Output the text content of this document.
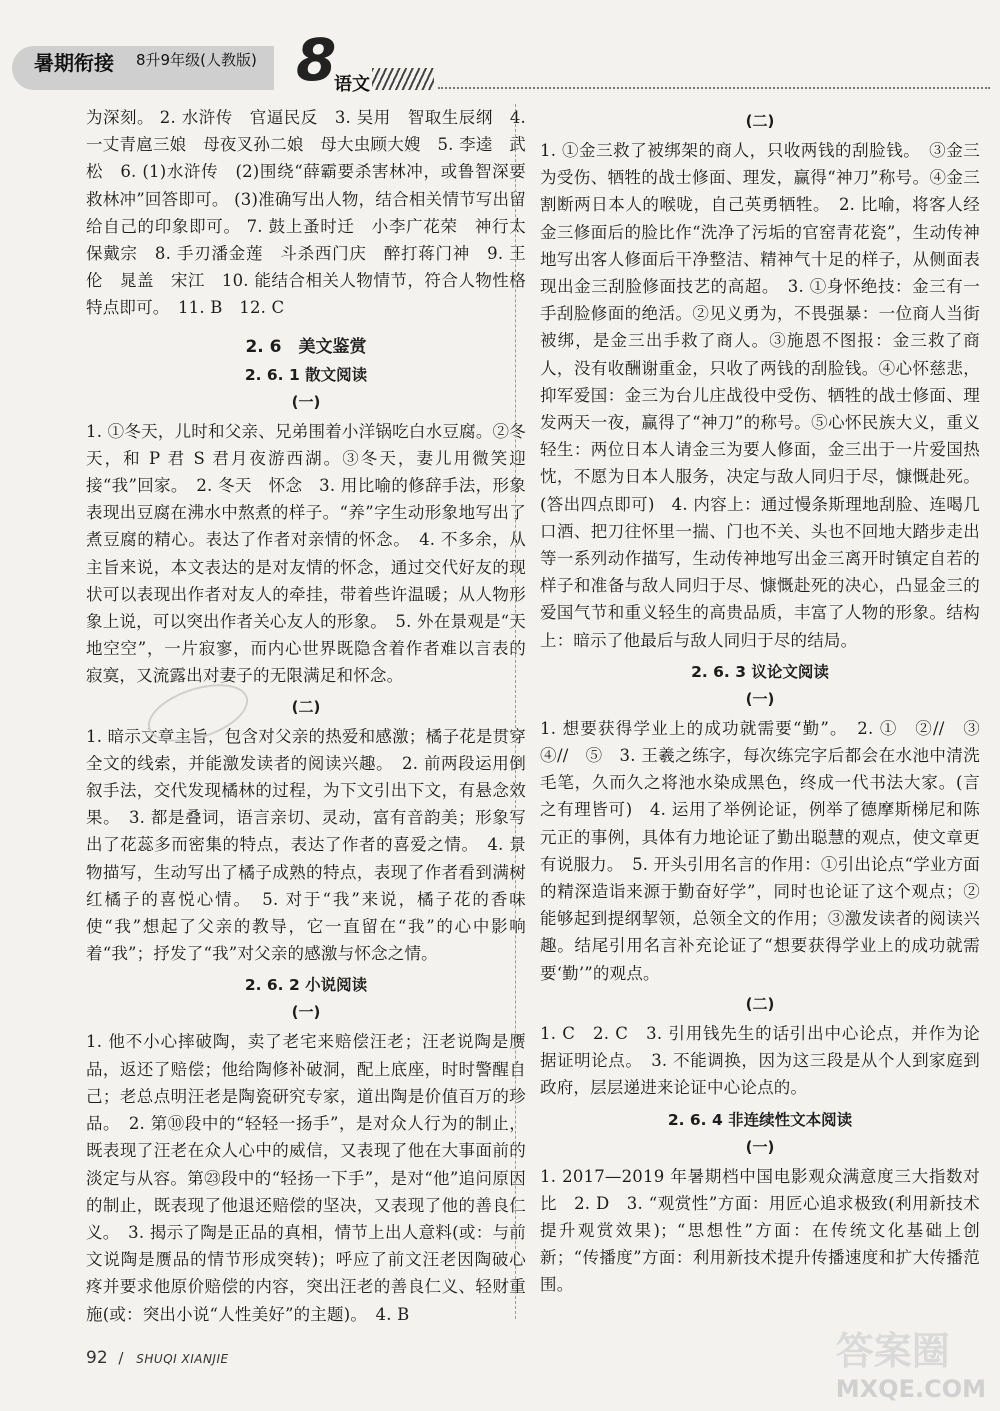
暑期衔接 8升9年级(人教版) 8
语文
为深刻。 2. 水浒传　官逼民反　3. 吴用　智取生辰纲　4. 一丈青扈三娘　母夜叉孙二娘　母大虫顾大嫂　5. 李逵　武松　6. (1)水浒传　(2)围绕“薛霸要杀害林冲，或鲁智深要救林冲”回答即可。 (3)准确写出人物，结合相关情节写出留给自己的印象即可。 7. 鼓上蚤时迁　小李广花荣　神行太保戴宗　8. 手刃潘金莲　斗杀西门庆　醉打蒋门神　9. 王伦　晁盖　宋江　10. 能结合相关人物情节，符合人物性格特点即可。　11. B　12. C
2. 6　美文鉴赏
2. 6. 1 散文阅读
(一)
1. ①冬天，儿时和父亲、兄弟围着小洋锅吃白水豆腐。②冬天，和 P 君 S 君月夜游西湖。③冬天，妻儿用微笑迎接“我”回家。　2. 冬天　怀念　3. 用比喻的修辞手法，形象表现出豆腐在沸水中熬煮的样子。“养”字生动形象地写出了煮豆腐的精心。表达了作者对亲情的怀念。　4. 不多余，从主旨来说，本文表达的是对友情的怀念，通过交代好友的现状可以表现出作者对友人的牵挂，带着些许温暖；从人物形象上说，可以突出作者关心友人的形象。　5. 外在景观是“天地空空”，一片寂寥，而内心世界既隐含着作者难以言表的寂寞，又流露出对妻子的无限满足和怀念。
(二)
1. 暗示文章主旨，包含对父亲的热爱和感激；橘子花是贯穿全文的线索，并能激发读者的阅读兴趣。　2. 前两段运用倒叙手法，交代发现橘林的过程，为下文引出下文，有悬念效果。　3. 都是叠词，语言亲切、灵动，富有音韵美；形象写出了花蕊多而密集的特点，表达了作者的喜爱之情。　4. 景物描写，生动写出了橘子成熟的特点，表现了作者看到满树红橘子的喜悦心情。　5. 对于“我”来说，橘子花的香味使“我”想起了父亲的教导，它一直留在“我”的心中影响着“我”；抒发了“我”对父亲的感激与怀念之情。
2. 6. 2 小说阅读
(一)
1. 他不小心摔破陶，卖了老宅来赔偿汪老；汪老说陶是赝品，返还了赔偿；他给陶修补破洞，配上底座，时时警醒自己；老总点明汪老是陶瓷研究专家，道出陶是价值百万的珍品。　2. 第⑩段中的“轻轻一扬手”，是对众人行为的制止，既表现了汪老在众人心中的威信，又表现了他在大事面前的淡定与从容。第㉓段中的“轻扬一下手”，是对“他”追问原因的制止，既表现了他退还赔偿的坚决，又表现了他的善良仁义。　3. 揭示了陶是正品的真相，情节上出人意料(或：与前文说陶是赝品的情节形成突转)；呼应了前文汪老因陶破心疼并要求他原价赔偿的内容，突出汪老的善良仁义、轻财重施(或：突出小说“人性美好”的主题)。　4. B
(二)
1. ①金三救了被绑架的商人，只收两钱的刮脸钱。　③金三为受伤、牺牲的战士修面、理发，赢得“神刀”称号。④金三割断两日本人的喉咙，自己英勇牺牲。　2. 比喻，将客人经金三修面后的脸比作“洗净了污垢的官窑青花瓷”，生动传神地写出客人修面后干净整洁、精神气十足的样子，从侧面表现出金三刮脸修面技艺的高超。　3. ①身怀绝技：金三有一手刮脸修面的绝活。②见义勇为，不畏强暴：一位商人当街被绑，是金三出手救了商人。③施恩不图报：金三救了商人，没有收酬谢重金，只收了两钱的刮脸钱。④心怀慈悲，抑军爱国：金三为台儿庄战役中受伤、牺牲的战士修面、理发两天一夜，赢得了“神刀”的称号。⑤心怀民族大义，重义轻生：两位日本人请金三为要人修面，金三出于一片爱国热忱，不愿为日本人服务，决定与敌人同归于尽，慷慨赴死。(答出四点即可)　4. 内容上：通过慢条斯理地刮脸、连喝几口酒、把刀往怀里一揣、门也不关、头也不回地大踏步走出等一系列动作描写，生动传神地写出金三离开时镇定自若的样子和准备与敌人同归于尽、慷慨赴死的决心，凸显金三的爱国气节和重义轻生的高贵品质，丰富了人物的形象。结构上：暗示了他最后与敌人同归于尽的结局。
2. 6. 3 议论文阅读
(一)
1. 想要获得学业上的成功就需要“勤”。　2. ①　②//　③　④//　⑤　3. 王羲之练字，每次练完字后都会在水池中清洗毛笔，久而久之将池水染成黑色，终成一代书法大家。(言之有理皆可)　4. 运用了举例论证，例举了德摩斯梯尼和陈元正的事例，具体有力地论证了勤出聪慧的观点，使文章更有说服力。　5. 开头引用名言的作用：①引出论点“学业方面的精深造诣来源于勤奋好学”，同时也论证了这个观点；②能够起到提纲挈领，总领全文的作用；③激发读者的阅读兴趣。结尾引用名言补充论证了“想要获得学业上的成功就需要‘勤’”的观点。
(二)
1. C　2. C　3. 引用钱先生的话引出中心论点，并作为论据证明论点。　3. 不能调换，因为这三段是从个人到家庭到政府，层层递进来论证中心论点的。
2. 6. 4 非连续性文本阅读
(一)
1. 2017—2019 年暑期档中国电影观众满意度三大指数对比　2. D　3. “观赏性”方面：用匠心追求极致(利用新技术提升观赏效果)；“思想性”方面：在传统文化基础上创新；“传播度”方面：利用新技术提升传播速度和扩大传播范围。
92 / SHUQI XIANJIE	答案圈
MXQE.COM
